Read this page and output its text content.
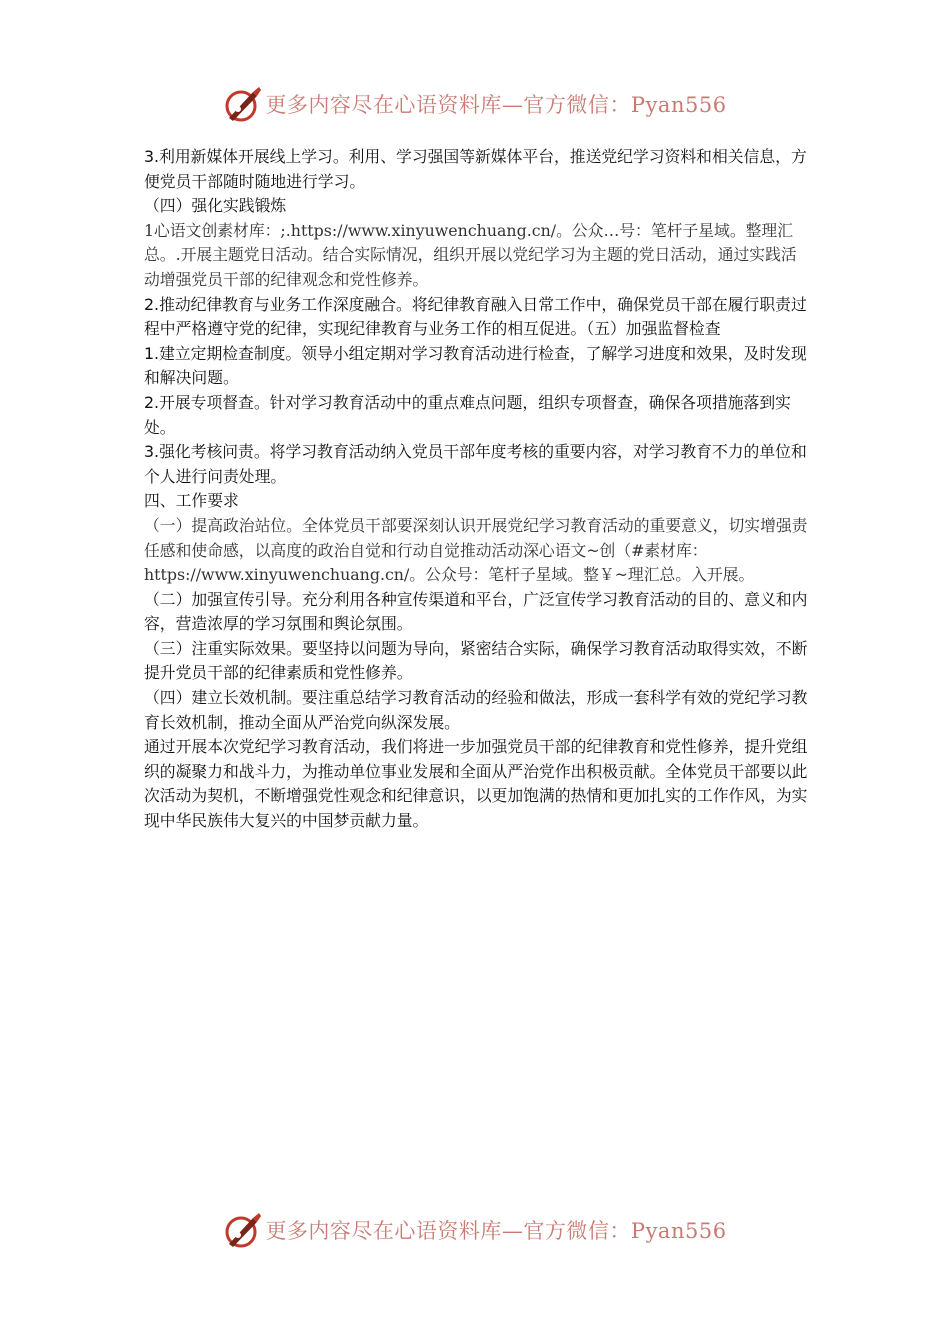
更多内容尽在心语资料库—官方微信：Pyan556

3.利用新媒体开展线上学习。利用、学习强国等新媒体平台，推送党纪学习资料和相关信息，方便党员干部随时随地进行学习。

（四）强化实践锻炼

1心语文创素材库：;.https://www.xinyuwenchuang.cn/。公众…号：笔杆子星域。整理汇总。.开展主题党日活动。结合实际情况，组织开展以党纪学习为主题的党日活动，通过实践活动增强党员干部的纪律观念和党性修养。

2.推动纪律教育与业务工作深度融合。将纪律教育融入日常工作中，确保党员干部在履行职责过程中严格遵守党的纪律，实现纪律教育与业务工作的相互促进。（五）加强监督检查

1.建立定期检查制度。领导小组定期对学习教育活动进行检查，了解学习进度和效果，及时发现和解决问题。

2.开展专项督查。针对学习教育活动中的重点难点问题，组织专项督查，确保各项措施落到实处。

3.强化考核问责。将学习教育活动纳入党员干部年度考核的重要内容，对学习教育不力的单位和个人进行问责处理。

四、工作要求

（一）提高政治站位。全体党员干部要深刻认识开展党纪学习教育活动的重要意义，切实增强责任感和使命感，以高度的政治自觉和行动自觉推动活动深心语文~创（#素材库：https://www.xinyuwenchuang.cn/。公众号：笔杆子星域。整￥~理汇总。入开展。

（二）加强宣传引导。充分利用各种宣传渠道和平台，广泛宣传学习教育活动的目的、意义和内容，营造浓厚的学习氛围和舆论氛围。

（三）注重实际效果。要坚持以问题为导向，紧密结合实际，确保学习教育活动取得实效，不断提升党员干部的纪律素质和党性修养。

（四）建立长效机制。要注重总结学习教育活动的经验和做法，形成一套科学有效的党纪学习教育长效机制，推动全面从严治党向纵深发展。

通过开展本次党纪学习教育活动，我们将进一步加强党员干部的纪律教育和党性修养，提升党组织的凝聚力和战斗力，为推动单位事业发展和全面从严治党作出积极贡献。全体党员干部要以此次活动为契机，不断增强党性观念和纪律意识，以更加饱满的热情和更加扎实的工作作风，为实现中华民族伟大复兴的中国梦贡献力量。

更多内容尽在心语资料库—官方微信：Pyan556
